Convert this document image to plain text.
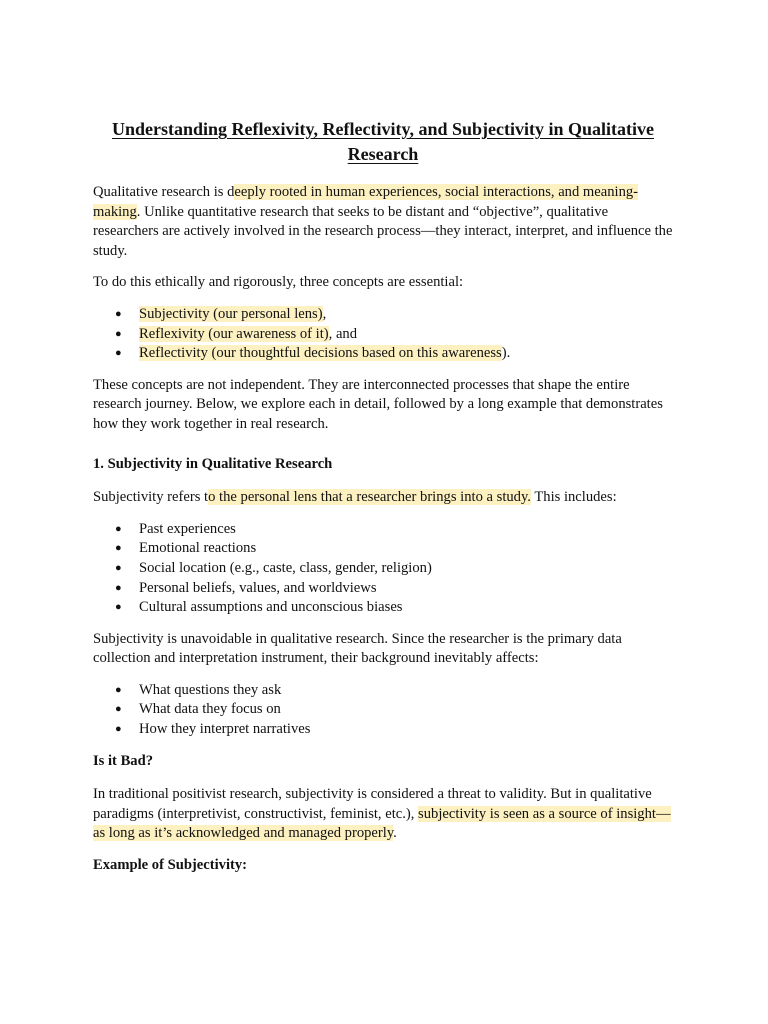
Understanding Reflexivity, Reflectivity, and Subjectivity in Qualitative Research

Qualitative research is deeply rooted in human experiences, social interactions, and meaning-making. Unlike quantitative research that seeks to be distant and “objective”, qualitative researchers are actively involved in the research process—they interact, interpret, and influence the study.

To do this ethically and rigorously, three concepts are essential:

● Subjectivity (our personal lens),
● Reflexivity (our awareness of it), and
● Reflectivity (our thoughtful decisions based on this awareness).

These concepts are not independent. They are interconnected processes that shape the entire research journey. Below, we explore each in detail, followed by a long example that demonstrates how they work together in real research.

1. Subjectivity in Qualitative Research

Subjectivity refers to the personal lens that a researcher brings into a study. This includes:

● Past experiences
● Emotional reactions
● Social location (e.g., caste, class, gender, religion)
● Personal beliefs, values, and worldviews
● Cultural assumptions and unconscious biases

Subjectivity is unavoidable in qualitative research. Since the researcher is the primary data collection and interpretation instrument, their background inevitably affects:

● What questions they ask
● What data they focus on
● How they interpret narratives
Is it Bad?

In traditional positivist research, subjectivity is considered a threat to validity. But in qualitative paradigms (interpretivist, constructivist, feminist, etc.), subjectivity is seen as a source of insight—as long as it’s acknowledged and managed properly.

Example of Subjectivity:
